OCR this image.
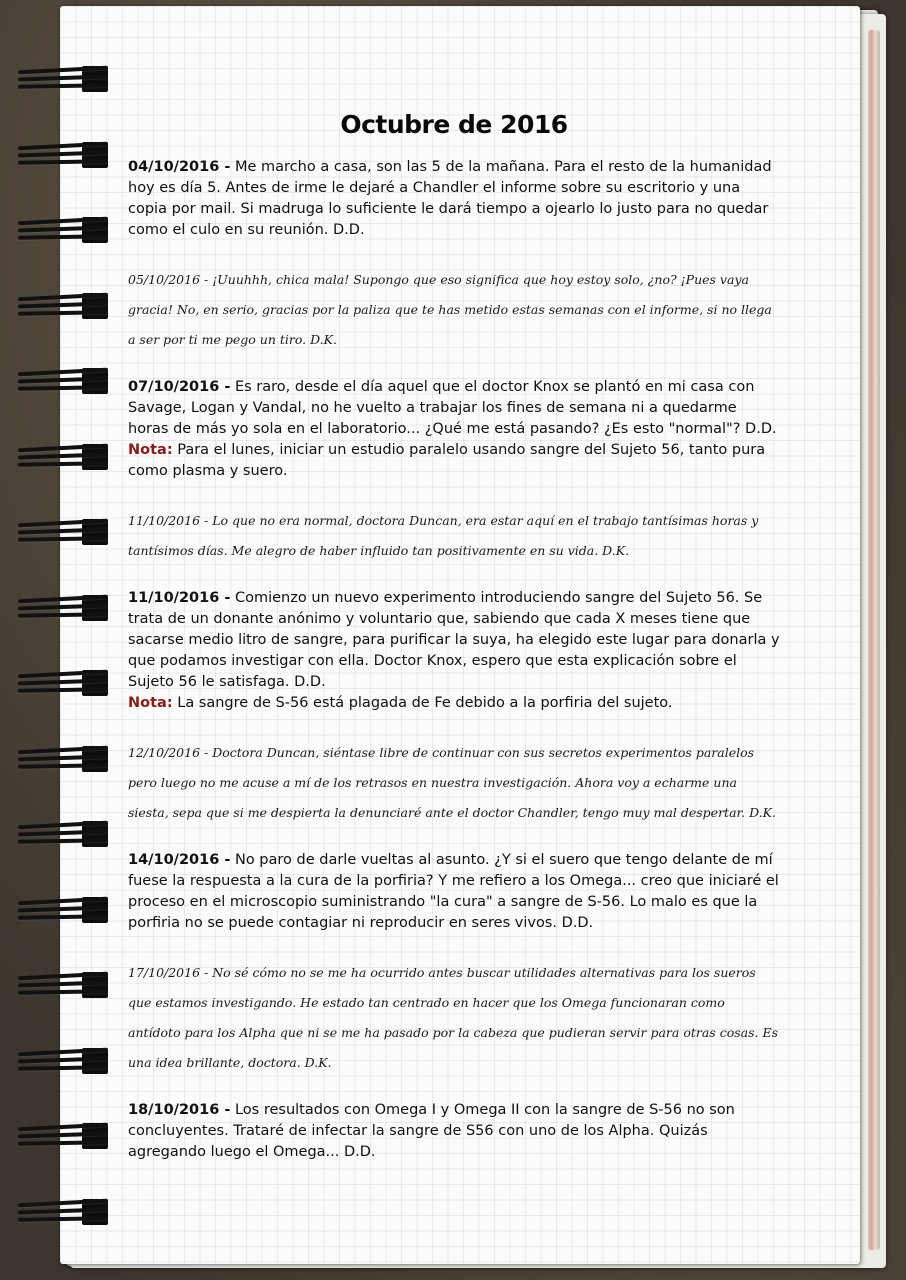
Octubre de 2016

04/10/2016 - Me marcho a casa, son las 5 de la mañana. Para el resto de la humanidad hoy es día 5. Antes de irme le dejaré a Chandler el informe sobre su escritorio y una copia por mail. Si madruga lo suficiente le dará tiempo a ojearlo lo justo para no quedar como el culo en su reunión. D.D.

05/10/2016 - ¡Uuuhhh, chica mala! Supongo que eso significa que hoy estoy solo, ¿no? ¡Pues vaya gracia! No, en serio, gracias por la paliza que te has metido estas semanas con el informe, si no llega a ser por ti me pego un tiro. D.K.

07/10/2016 - Es raro, desde el día aquel que el doctor Knox se plantó en mi casa con Savage, Logan y Vandal, no he vuelto a trabajar los fines de semana ni a quedarme horas de más yo sola en el laboratorio... ¿Qué me está pasando? ¿Es esto "normal"? D.D.
Nota: Para el lunes, iniciar un estudio paralelo usando sangre del Sujeto 56, tanto pura como plasma y suero.

11/10/2016 - Lo que no era normal, doctora Duncan, era estar aquí en el trabajo tantísimas horas y tantísimos días. Me alegro de haber influido tan positivamente en su vida. D.K.

11/10/2016 - Comienzo un nuevo experimento introduciendo sangre del Sujeto 56. Se trata de un donante anónimo y voluntario que, sabiendo que cada X meses tiene que sacarse medio litro de sangre, para purificar la suya, ha elegido este lugar para donarla y que podamos investigar con ella. Doctor Knox, espero que esta explicación sobre el Sujeto 56 le satisfaga. D.D.
Nota: La sangre de S-56 está plagada de Fe debido a la porfiria del sujeto.

12/10/2016 - Doctora Duncan, siéntase libre de continuar con sus secretos experimentos paralelos pero luego no me acuse a mí de los retrasos en nuestra investigación. Ahora voy a echarme una siesta, sepa que si me despierta la denunciaré ante el doctor Chandler, tengo muy mal despertar. D.K.

14/10/2016 - No paro de darle vueltas al asunto. ¿Y si el suero que tengo delante de mí fuese la respuesta a la cura de la porfiria? Y me refiero a los Omega... creo que iniciaré el proceso en el microscopio suministrando "la cura" a sangre de S-56. Lo malo es que la porfiria no se puede contagiar ni reproducir en seres vivos. D.D.

17/10/2016 - No sé cómo no se me ha ocurrido antes buscar utilidades alternativas para los sueros que estamos investigando. He estado tan centrado en hacer que los Omega funcionaran como antídoto para los Alpha que ni se me ha pasado por la cabeza que pudieran servir para otras cosas. Es una idea brillante, doctora. D.K.

18/10/2016 - Los resultados con Omega I y Omega II con la sangre de S-56 no son concluyentes. Trataré de infectar la sangre de S56 con uno de los Alpha. Quizás agregando luego el Omega... D.D.
